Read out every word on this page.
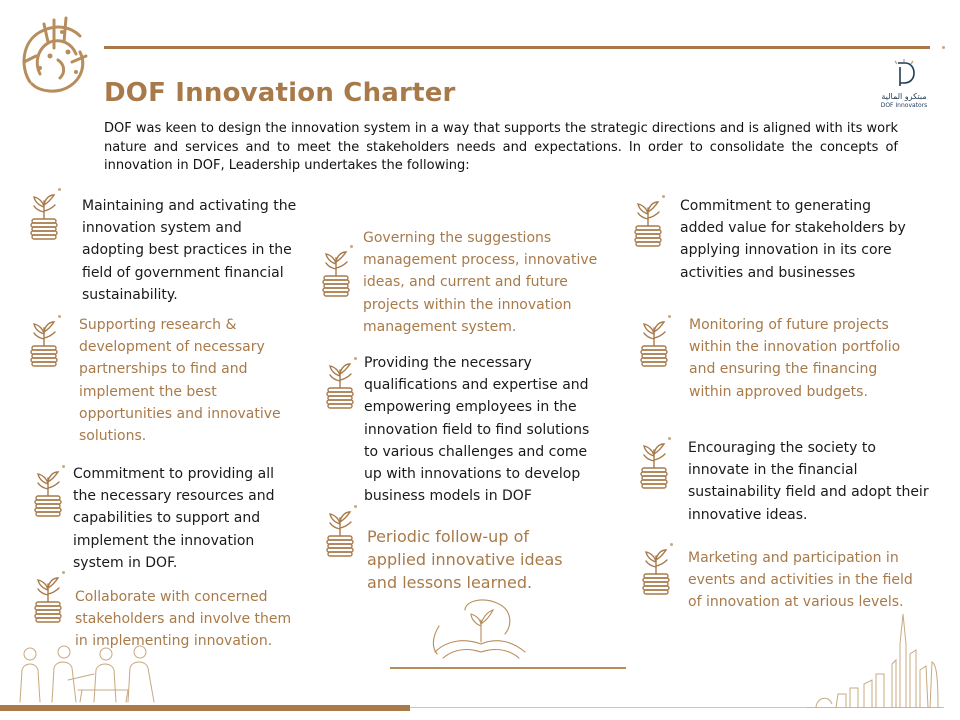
مبتكرو المالية
DOF Innovators
DOF Innovation Charter
DOF was keen to design the innovation system in a way that supports the strategic directions and is aligned with its work nature and services and to meet the stakeholders needs and expectations. In order to consolidate the concepts of innovation in DOF, Leadership undertakes the following:
Maintaining and activating the innovation system and adopting best practices in the field of government financial sustainability.
Supporting research & development of necessary partnerships to find and implement the best opportunities and innovative solutions.
Commitment to providing all the necessary resources and capabilities to support and implement the innovation system in DOF.
Collaborate with concerned stakeholders and involve them in implementing innovation.
Governing the suggestions management process, innovative ideas, and current and future projects within the innovation management system.
Providing the necessary qualifications and expertise and empowering employees in the innovation field to find solutions to various challenges and come up with innovations to develop business models in DOF
Periodic follow-up of applied innovative ideas and lessons learned.
Commitment to generating added value for stakeholders by applying innovation in its core activities and businesses
Monitoring of future projects within the innovation portfolio and ensuring the financing within approved budgets.
Encouraging the society to innovate in the financial sustainability field and adopt their innovative ideas.
Marketing and participation in events and activities in the field of innovation at various levels.
